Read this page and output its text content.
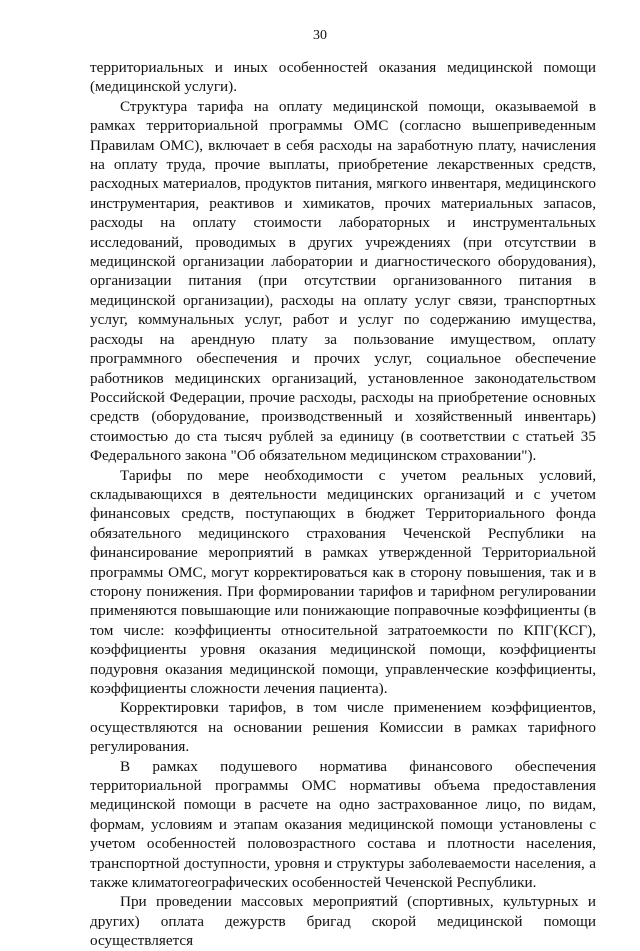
30

территориальных и иных особенностей оказания медицинской помощи (медицинской услуги).

Структура тарифа на оплату медицинской помощи, оказываемой в рамках территориальной программы ОМС (согласно вышеприведенным Правилам ОМС), включает в себя расходы на заработную плату, начисления на оплату труда, прочие выплаты, приобретение лекарственных средств, расходных материалов, продуктов питания, мягкого инвентаря, медицинского инструментария, реактивов и химикатов, прочих материальных запасов, расходы на оплату стоимости лабораторных и инструментальных исследований, проводимых в других учреждениях (при отсутствии в медицинской организации лаборатории и диагностического оборудования), организации питания (при отсутствии организованного питания в медицинской организации), расходы на оплату услуг связи, транспортных услуг, коммунальных услуг, работ и услуг по содержанию имущества, расходы на арендную плату за пользование имуществом, оплату программного обеспечения и прочих услуг, социальное обеспечение работников медицинских организаций, установленное законодательством Российской Федерации, прочие расходы, расходы на приобретение основных средств (оборудование, производственный и хозяйственный инвентарь) стоимостью до ста тысяч рублей за единицу (в соответствии с статьей 35 Федерального закона "Об обязательном медицинском страховании").

Тарифы по мере необходимости с учетом реальных условий, складывающихся в деятельности медицинских организаций и с учетом финансовых средств, поступающих в бюджет Территориального фонда обязательного медицинского страхования Чеченской Республики на финансирование мероприятий в рамках утвержденной Территориальной программы ОМС, могут корректироваться как в сторону повышения, так и в сторону понижения. При формировании тарифов и тарифном регулировании применяются повышающие или понижающие поправочные коэффициенты (в том числе: коэффициенты относительной затратоемкости по КПГ(КСГ), коэффициенты уровня оказания медицинской помощи, коэффициенты подуровня оказания медицинской помощи, управленческие коэффициенты, коэффициенты сложности лечения пациента).

Корректировки тарифов, в том числе применением коэффициентов, осуществляются на основании решения Комиссии в рамках тарифного регулирования.

В рамках подушевого норматива финансового обеспечения территориальной программы ОМС нормативы объема предоставления медицинской помощи в расчете на одно застрахованное лицо, по видам, формам, условиям и этапам оказания медицинской помощи установлены с учетом особенностей половозрастного состава и плотности населения, транспортной доступности, уровня и структуры заболеваемости населения, а также климатогеографических особенностей Чеченской Республики.

При проведении массовых мероприятий (спортивных, культурных и других) оплата дежурств бригад скорой медицинской помощи осуществляется
